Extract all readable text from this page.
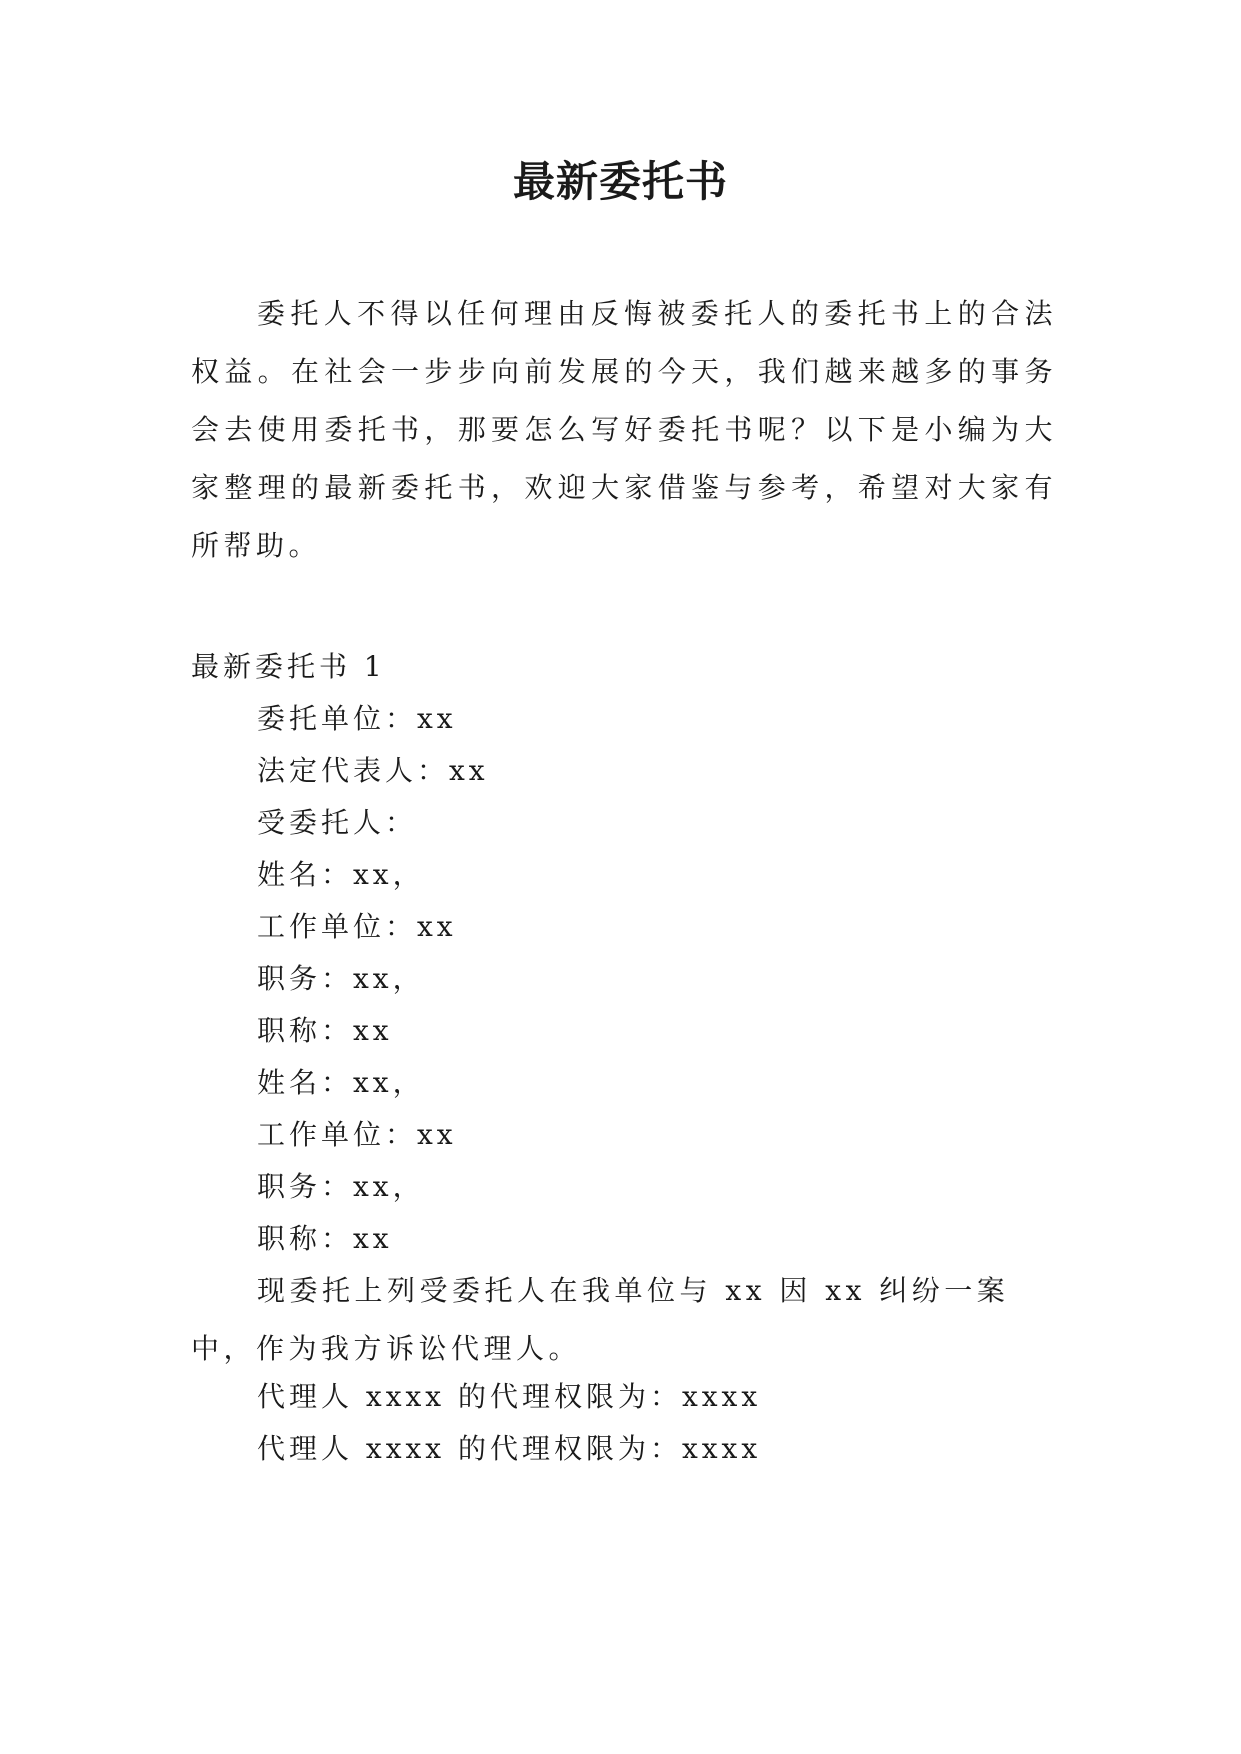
最新委托书

委托人不得以任何理由反悔被委托人的委托书上的合法权益。在社会一步步向前发展的今天，我们越来越多的事务会去使用委托书，那要怎么写好委托书呢？以下是小编为大家整理的最新委托书，欢迎大家借鉴与参考，希望对大家有所帮助。

最新委托书 1
委托单位：xx
法定代表人：xx
受委托人：
姓名：xx，
工作单位：xx
职务：xx，
职称：xx
姓名：xx，
工作单位：xx
职务：xx，
职称：xx

现委托上列受委托人在我单位与 xx 因 xx 纠纷一案中，作为我方诉讼代理人。

代理人 xxxx 的代理权限为：xxxx
代理人 xxxx 的代理权限为：xxxx
